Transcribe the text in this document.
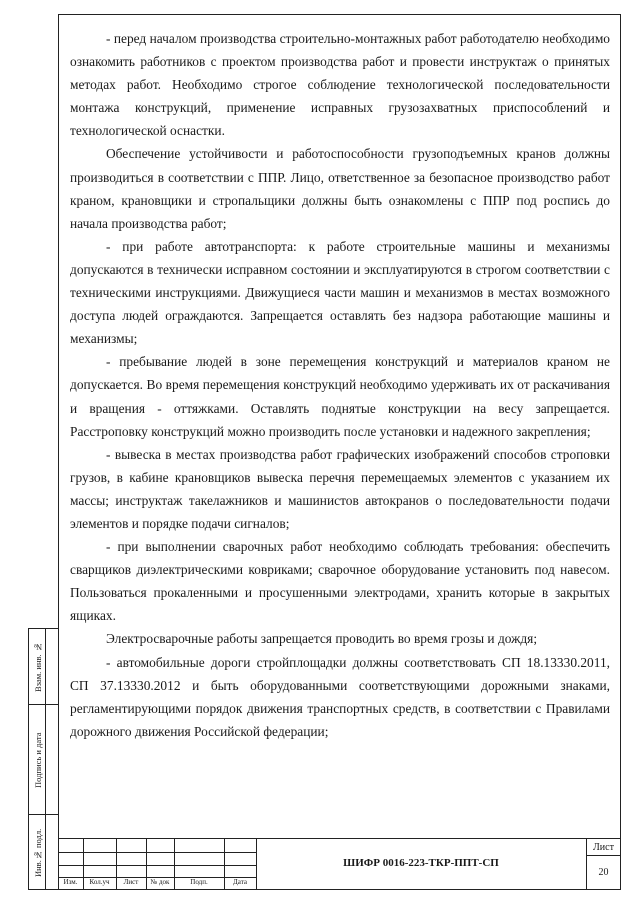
Взам. инв. №
Подпись и дата
Инв.№ подл.

- перед началом производства строительно-монтажных работ работодателю необходимо ознакомить работников с проектом производства работ и провести инструктаж о принятых методах работ. Необходимо строгое соблюдение технологической последовательности монтажа конструкций, применение исправных грузозахватных приспособлений и технологической оснастки.

Обеспечение устойчивости и работоспособности грузоподъемных кранов должны производиться в соответствии с ППР. Лицо, ответственное за безопасное производство работ краном, крановщики и стропальщики должны быть ознакомлены с ППР под роспись до начала производства работ;

- при работе автотранспорта: к работе строительные машины и механизмы допускаются в технически исправном состоянии и эксплуатируются в строгом соответствии с техническими инструкциями. Движущиеся части машин и механизмов в местах возможного доступа людей ограждаются. Запрещается оставлять без надзора работающие машины и механизмы;

- пребывание людей в зоне перемещения конструкций и материалов краном не допускается. Во время перемещения конструкций необходимо удерживать их от раскачивания и вращения - оттяжками. Оставлять поднятые конструкции на весу запрещается. Расстроповку конструкций можно производить после установки и надежного закрепления;

- вывеска в местах производства работ графических изображений способов строповки грузов, в кабине крановщиков вывеска перечня перемещаемых элементов с указанием их массы; инструктаж такелажников и машинистов автокранов о последовательности подачи элементов и порядке подачи сигналов;

- при выполнении сварочных работ необходимо соблюдать требования: обеспечить сварщиков диэлектрическими ковриками; сварочное оборудование установить под навесом. Пользоваться прокаленными и просушенными электродами, хранить которые в закрытых ящиках.

Электросварочные работы запрещается проводить во время грозы и дождя;

- автомобильные дороги стройплощадки должны соответствовать СП 18.13330.2011, СП 37.13330.2012 и быть оборудованными соответствующими дорожными знаками, регламентирующими порядок движения транспортных средств, в соответствии с Правилами дорожного движения Российской федерации;

Изм.	Кол.уч	Лист	№ док	Подп.	Дата
ШИФР 0016-223-ТКР-ППТ-СП
Лист
20
